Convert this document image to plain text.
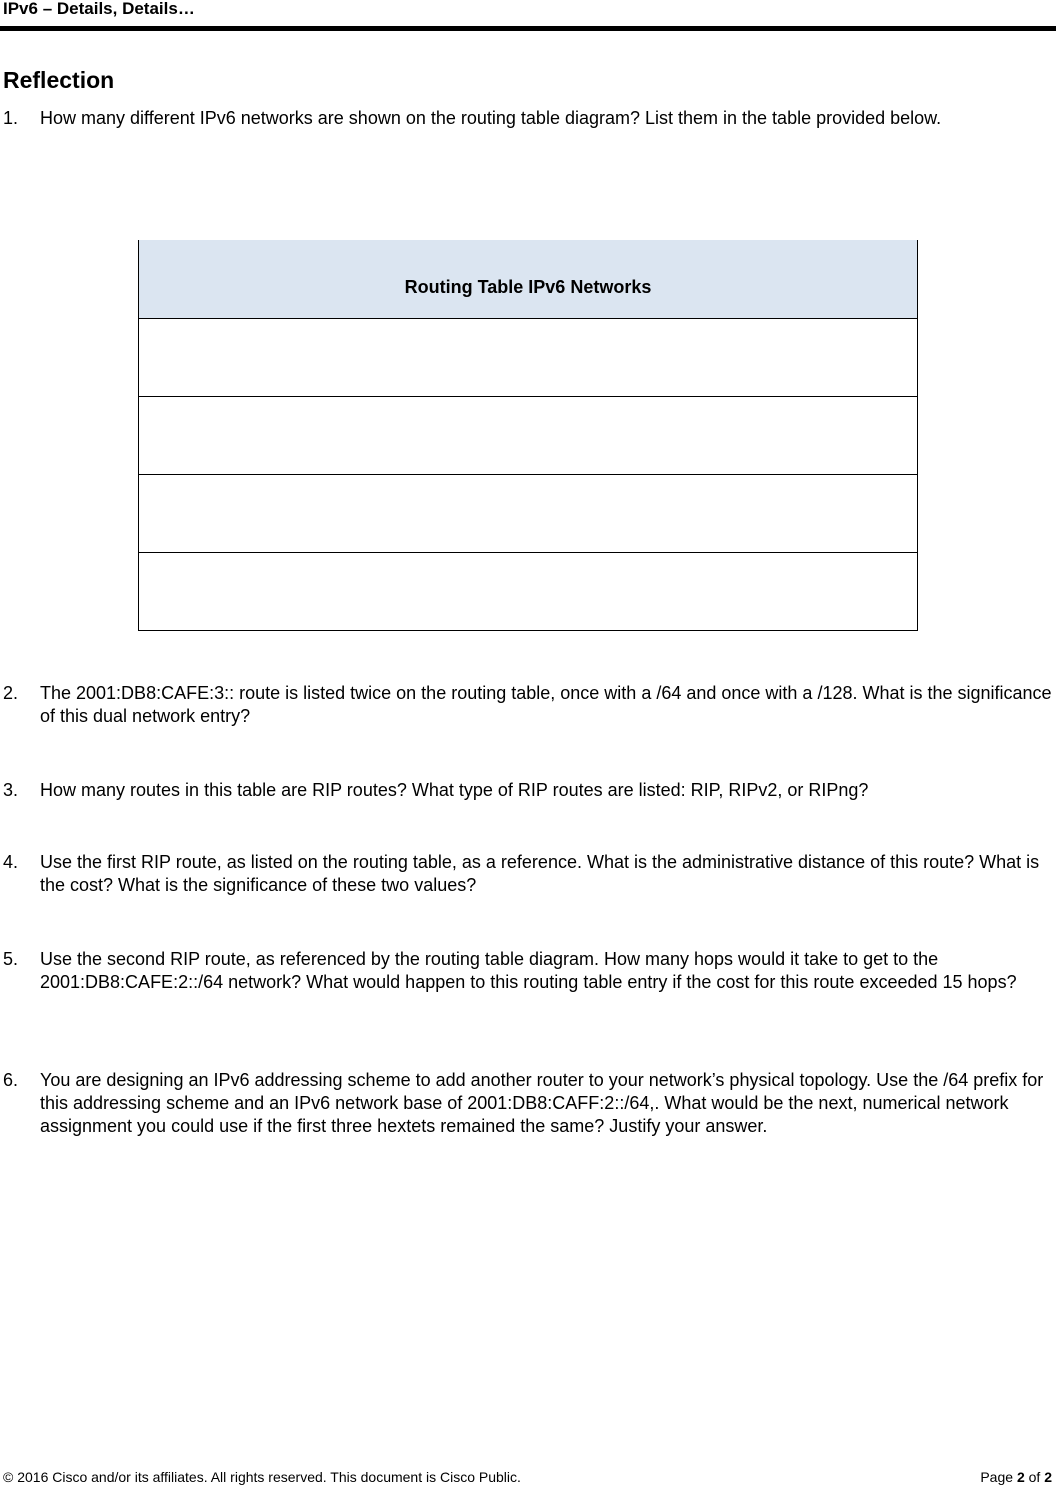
IPv6 – Details, Details…
Reflection
1. How many different IPv6 networks are shown on the routing table diagram? List them in the table provided below.
Routing Table IPv6 Networks

2. The 2001:DB8:CAFE:3:: route is listed twice on the routing table, once with a /64 and once with a /128. What is the significance of this dual network entry?
3. How many routes in this table are RIP routes? What type of RIP routes are listed: RIP, RIPv2, or RIPng?
4. Use the first RIP route, as listed on the routing table, as a reference. What is the administrative distance of this route? What is the cost? What is the significance of these two values?
5. Use the second RIP route, as referenced by the routing table diagram. How many hops would it take to get to the 2001:DB8:CAFE:2::/64 network? What would happen to this routing table entry if the cost for this route exceeded 15 hops?
6. You are designing an IPv6 addressing scheme to add another router to your network’s physical topology. Use the /64 prefix for this addressing scheme and an IPv6 network base of 2001:DB8:CAFF:2::/64,. What would be the next, numerical network assignment you could use if the first three hextets remained the same? Justify your answer.
© 2016 Cisco and/or its affiliates. All rights reserved. This document is Cisco Public.	Page 2 of 2
